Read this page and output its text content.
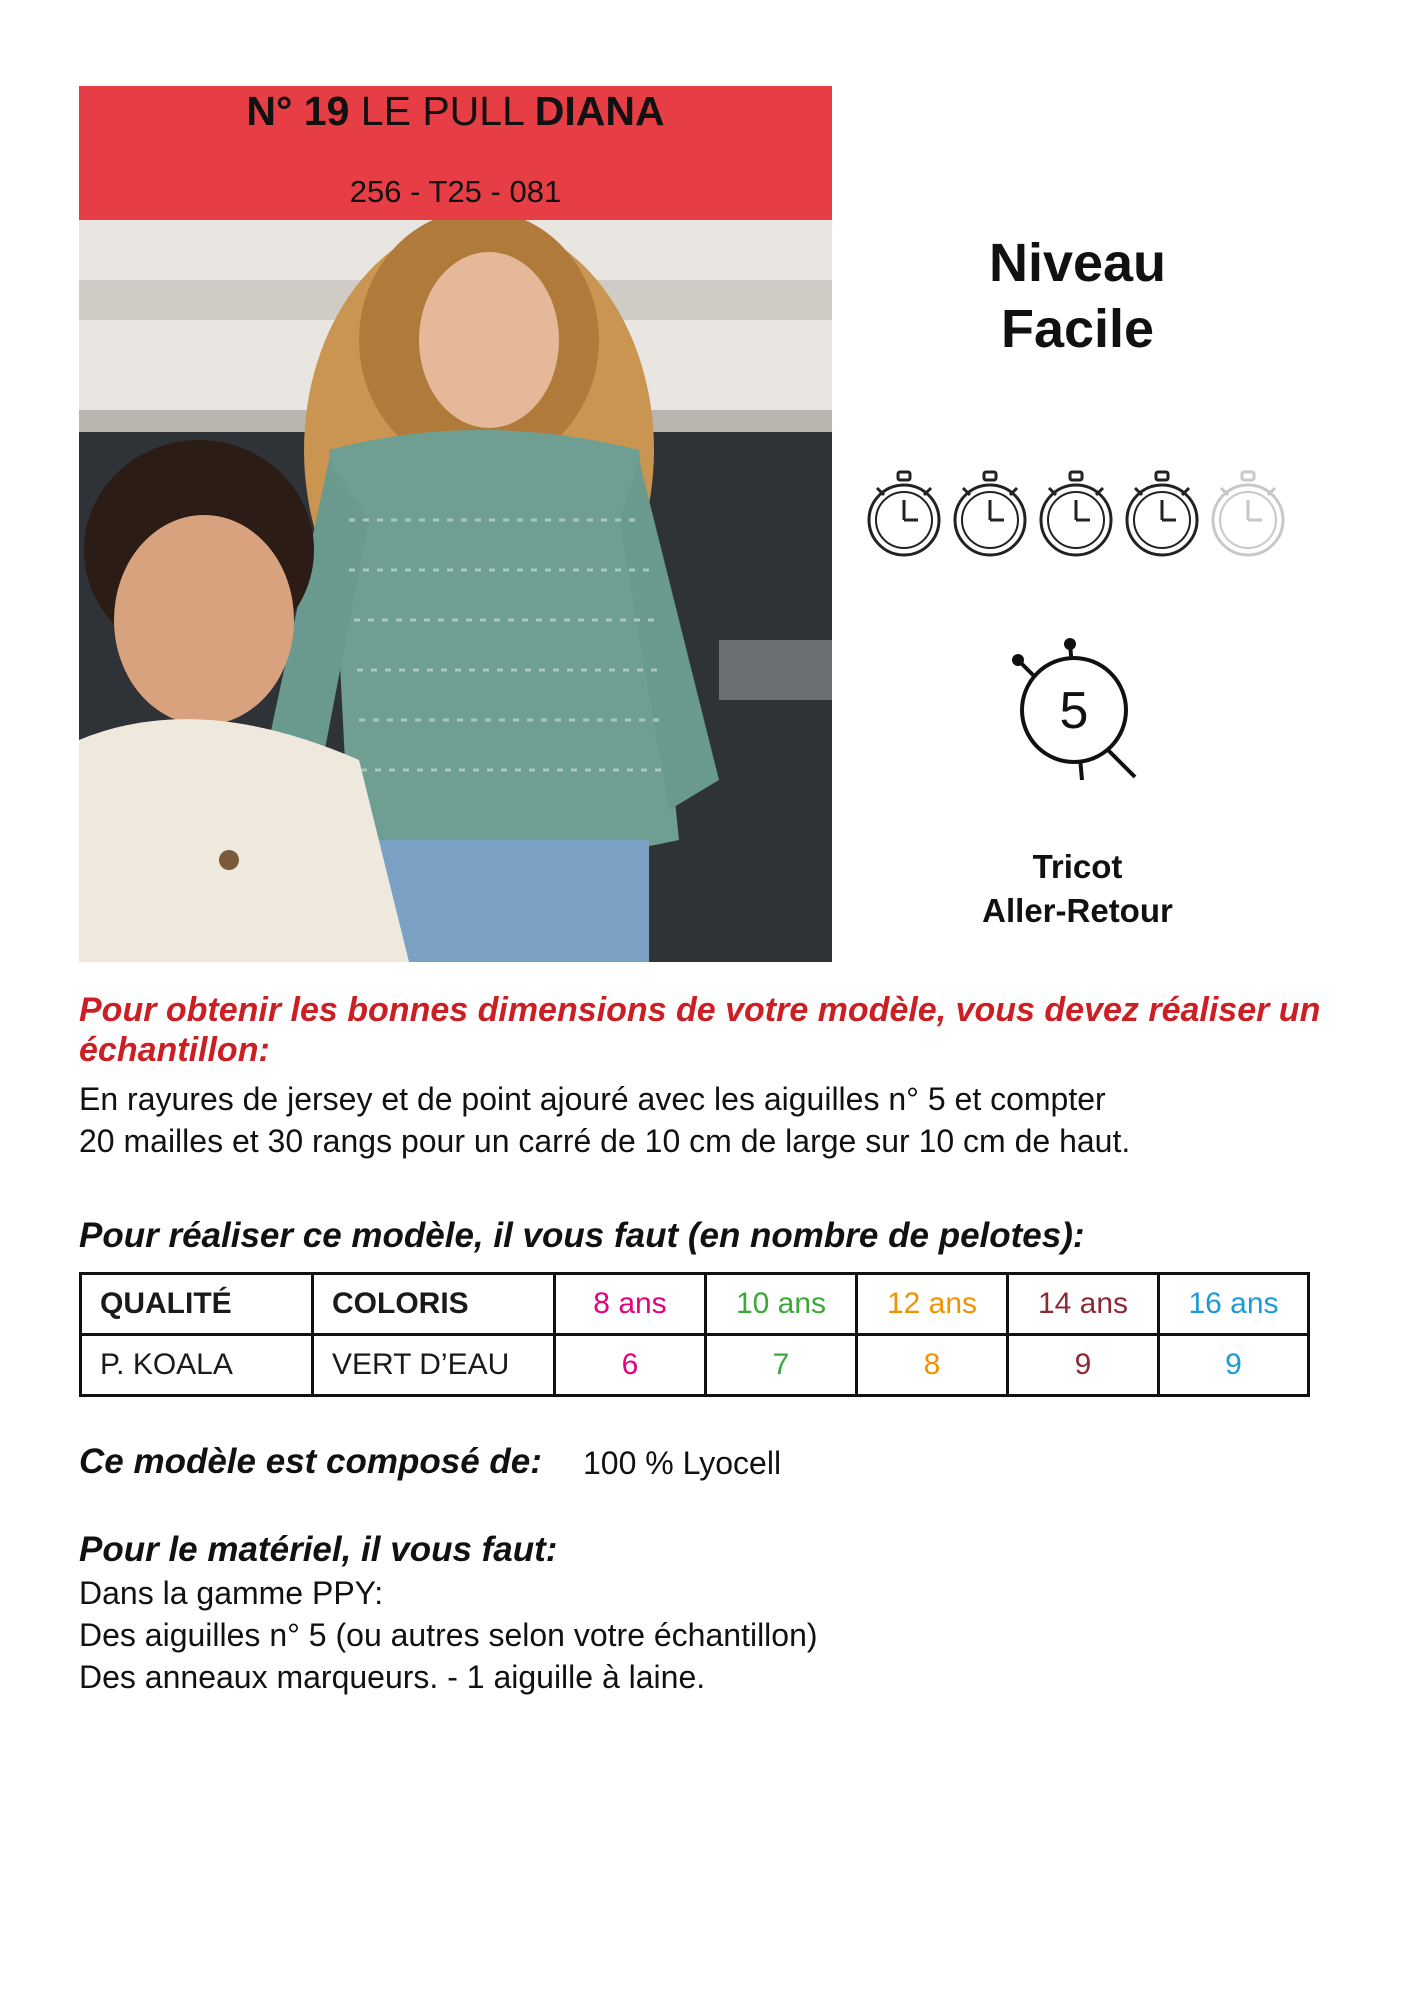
N° 19 LE PULL DIANA
256 - T25 - 081
Niveau
Facile
5
Tricot
Aller-Retour
Pour obtenir les bonnes dimensions de votre modèle, vous devez réaliser un échantillon:
En rayures de jersey et de point ajouré avec les aiguilles n° 5 et compter
20 mailles et 30 rangs pour un carré de 10 cm de large sur 10 cm de haut.
Pour réaliser ce modèle, il vous faut (en nombre de pelotes):
QUALITÉ	COLORIS	8 ans	10 ans	12 ans	14 ans	16 ans
P. KOALA	VERT D’EAU	6	7	8	9	9
Ce modèle est composé de: 100 % Lyocell
Pour le matériel, il vous faut:
Dans la gamme PPY:
Des aiguilles n° 5 (ou autres selon votre échantillon)
Des anneaux marqueurs. - 1 aiguille à laine.
